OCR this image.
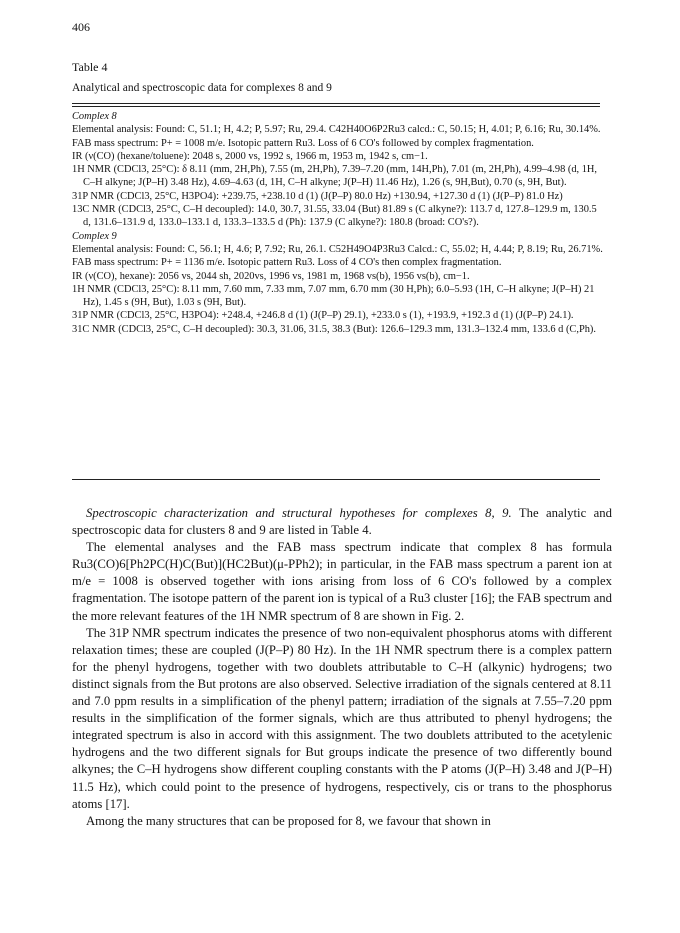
406
Table 4
Analytical and spectroscopic data for complexes 8 and 9
Complex 8
Elemental analysis: Found: C, 51.1; H, 4.2; P, 5.97; Ru, 29.4. C42H40O6P2Ru3 calcd.: C, 50.15; H, 4.01; P, 6.16; Ru, 30.14%.
FAB mass spectrum: P+ = 1008 m/e. Isotopic pattern Ru3. Loss of 6 CO's followed by complex fragmentation.
IR (ν(CO) (hexane/toluene): 2048 s, 2000 vs, 1992 s, 1966 m, 1953 m, 1942 s, cm−1.
1H NMR (CDCl3, 25°C): δ 8.11 (mm, 2H,Ph), 7.55 (m, 2H,Ph), 7.39–7.20 (mm, 14H,Ph), 7.01 (m, 2H,Ph), 4.99–4.98 (d, 1H, C–H alkyne; J(P–H) 3.48 Hz), 4.69–4.63 (d, 1H, C–H alkyne; J(P–H) 11.46 Hz), 1.26 (s, 9H,But), 0.70 (s, 9H, But).
31P NMR (CDCl3, 25°C, H3PO4): +239.75, +238.10 d (1) (J(P–P) 80.0 Hz) +130.94, +127.30 d (1) (J(P–P) 81.0 Hz)
13C NMR (CDCl3, 25°C, C–H decoupled): 14.0, 30.7, 31.55, 33.04 (But) 81.89 s (C alkyne?): 113.7 d, 127.8–129.9 m, 130.5 d, 131.6–131.9 d, 133.0–133.1 d, 133.3–133.5 d (Ph): 137.9 (C alkyne?): 180.8 (broad: CO's?).
Complex 9
Elemental analysis: Found: C, 56.1; H, 4.6; P, 7.92; Ru, 26.1. C52H49O4P3Ru3 Calcd.: C, 55.02; H, 4.44; P, 8.19; Ru, 26.71%.
FAB mass spectrum: P+ = 1136 m/e. Isotopic pattern Ru3. Loss of 4 CO's then complex fragmentation.
IR (ν(CO), hexane): 2056 vs, 2044 sh, 2020vs, 1996 vs, 1981 m, 1968 vs(b), 1956 vs(b), cm−1.
1H NMR (CDCl3, 25°C): 8.11 mm, 7.60 mm, 7.33 mm, 7.07 mm, 6.70 mm (30 H,Ph); 6.0–5.93 (1H, C–H alkyne; J(P–H) 21 Hz), 1.45 s (9H, But), 1.03 s (9H, But).
31P NMR (CDCl3, 25°C, H3PO4): +248.4, +246.8 d (1) (J(P–P) 29.1), +233.0 s (1), +193.9, +192.3 d (1) (J(P–P) 24.1).
31C NMR (CDCl3, 25°C, C–H decoupled): 30.3, 31.06, 31.5, 38.3 (But): 126.6–129.3 mm, 131.3–132.4 mm, 133.6 d (C,Ph).

Spectroscopic characterization and structural hypotheses for complexes 8, 9. The analytic and spectroscopic data for clusters 8 and 9 are listed in Table 4.

The elemental analyses and the FAB mass spectrum indicate that complex 8 has formula Ru3(CO)6[Ph2PC(H)C(But)](HC2But)(μ-PPh2); in particular, in the FAB mass spectrum a parent ion at m/e = 1008 is observed together with ions arising from loss of 6 CO's followed by a complex fragmentation. The isotope pattern of the parent ion is typical of a Ru3 cluster [16]; the FAB spectrum and the more relevant features of the 1H NMR spectrum of 8 are shown in Fig. 2.

The 31P NMR spectrum indicates the presence of two non-equivalent phosphorus atoms with different relaxation times; these are coupled (J(P–P) 80 Hz). In the 1H NMR spectrum there is a complex pattern for the phenyl hydrogens, together with two doublets attributable to C–H (alkynic) hydrogens; two distinct signals from the But protons are also observed. Selective irradiation of the signals centered at 8.11 and 7.0 ppm results in a simplification of the phenyl pattern; irradiation of the signals at 7.55–7.20 ppm results in the simplification of the former signals, which are thus attributed to phenyl hydrogens; the integrated spectrum is also in accord with this assignment. The two doublets attributed to the acetylenic hydrogens and the two different signals for But groups indicate the presence of two differently bound alkynes; the C–H hydrogens show different coupling constants with the P atoms (J(P–H) 3.48 and J(P–H) 11.5 Hz), which could point to the presence of hydrogens, respectively, cis or trans to the phosphorus atoms [17].

Among the many structures that can be proposed for 8, we favour that shown in
